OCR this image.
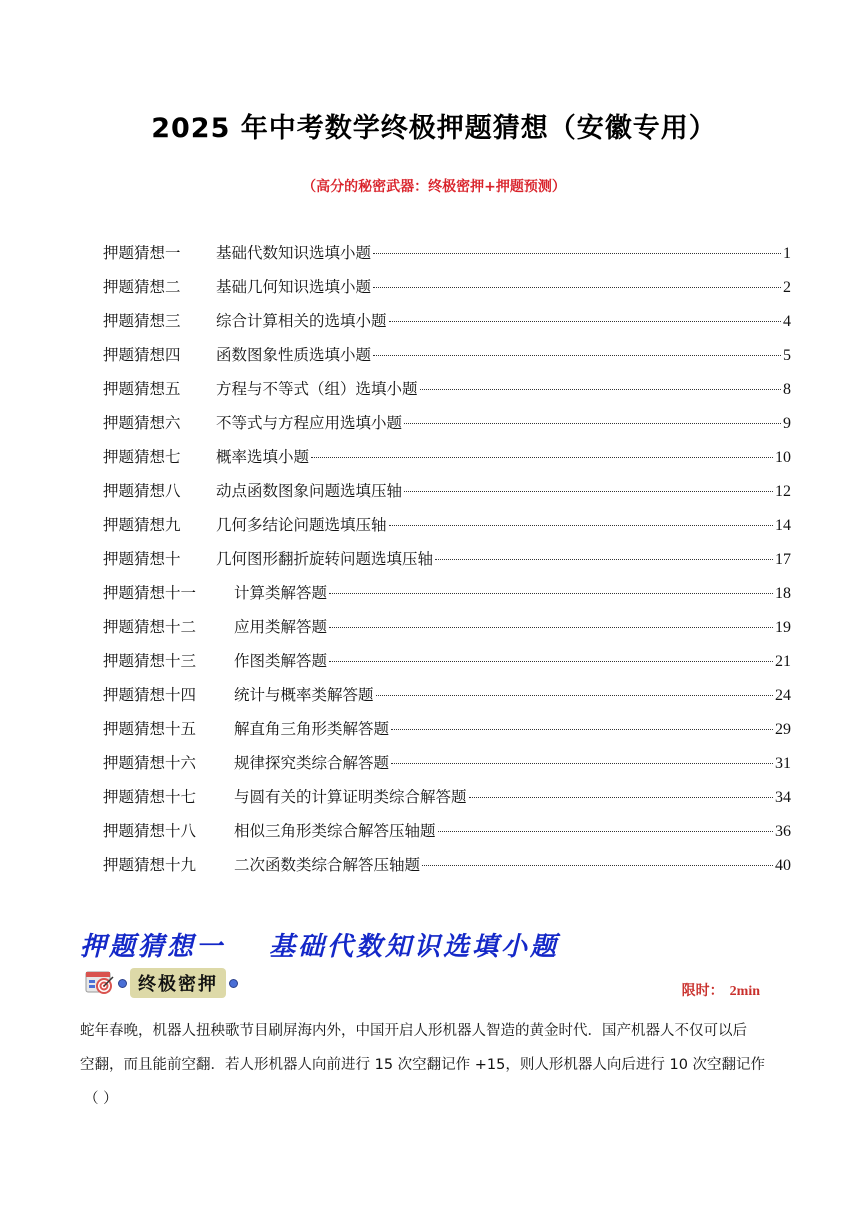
2025 年中考数学终极押题猜想（安徽专用）
（高分的秘密武器：终极密押+押题预测）
押题猜想一	基础代数知识选填小题	1
押题猜想二	基础几何知识选填小题	2
押题猜想三	综合计算相关的选填小题	4
押题猜想四	函数图象性质选填小题	5
押题猜想五	方程与不等式（组）选填小题	8
押题猜想六	不等式与方程应用选填小题	9
押题猜想七	概率选填小题	10
押题猜想八	动点函数图象问题选填压轴	12
押题猜想九	几何多结论问题选填压轴	14
押题猜想十	几何图形翻折旋转问题选填压轴	17
押题猜想十一	计算类解答题	18
押题猜想十二	应用类解答题	19
押题猜想十三	作图类解答题	21
押题猜想十四	统计与概率类解答题	24
押题猜想十五	解直角三角形类解答题	29
押题猜想十六	规律探究类综合解答题	31
押题猜想十七	与圆有关的计算证明类综合解答题	34
押题猜想十八	相似三角形类综合解答压轴题	36
押题猜想十九	二次函数类综合解答压轴题	40
押题猜想一 基础代数知识选填小题
终极密押	限时： 2min
蛇年春晚，机器人扭秧歌节目刷屏海内外，中国开启人形机器人智造的黄金时代．国产机器人不仅可以后
空翻，而且能前空翻．若人形机器人向前进行 15 次空翻记作 +15，则人形机器人向后进行 10 次空翻记作
（ ）
